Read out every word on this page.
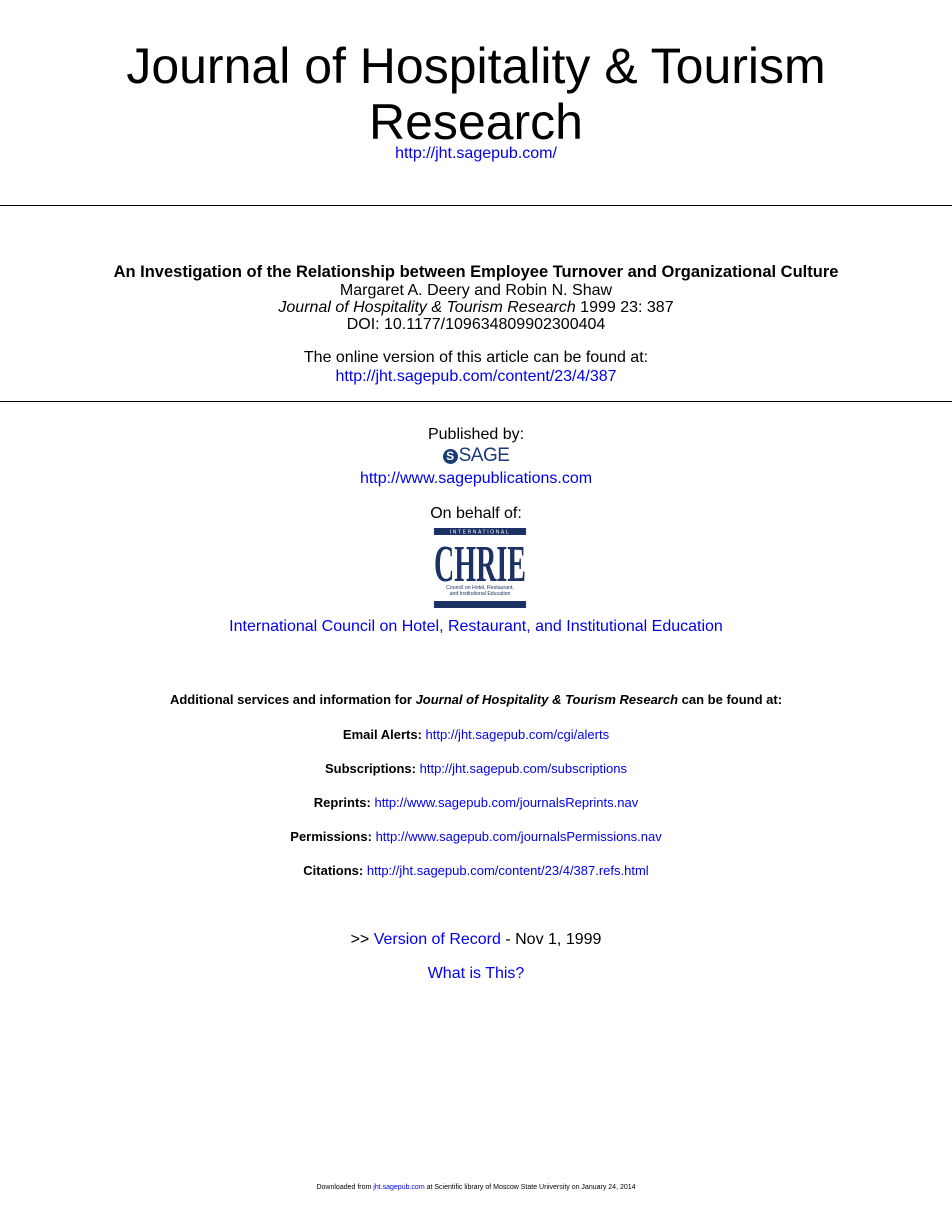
Journal of Hospitality & Tourism
Research
http://jht.sagepub.com/
An Investigation of the Relationship between Employee Turnover and Organizational Culture
Margaret A. Deery and Robin N. Shaw
Journal of Hospitality & Tourism Research 1999 23: 387
DOI: 10.1177/109634809902300404
The online version of this article can be found at:
http://jht.sagepub.com/content/23/4/387
Published by:
S SAGE
http://www.sagepublications.com
On behalf of:
INTERNATIONAL
CHRIE
Council on Hotel, Restaurant,
and Institutional Education
International Council on Hotel, Restaurant, and Institutional Education
Additional services and information for Journal of Hospitality & Tourism Research can be found at:
Email Alerts: http://jht.sagepub.com/cgi/alerts
Subscriptions: http://jht.sagepub.com/subscriptions
Reprints: http://www.sagepub.com/journalsReprints.nav
Permissions: http://www.sagepub.com/journalsPermissions.nav
Citations: http://jht.sagepub.com/content/23/4/387.refs.html
>> Version of Record - Nov 1, 1999
What is This?
Downloaded from jht.sagepub.com at Scientific library of Moscow State University on January 24, 2014
